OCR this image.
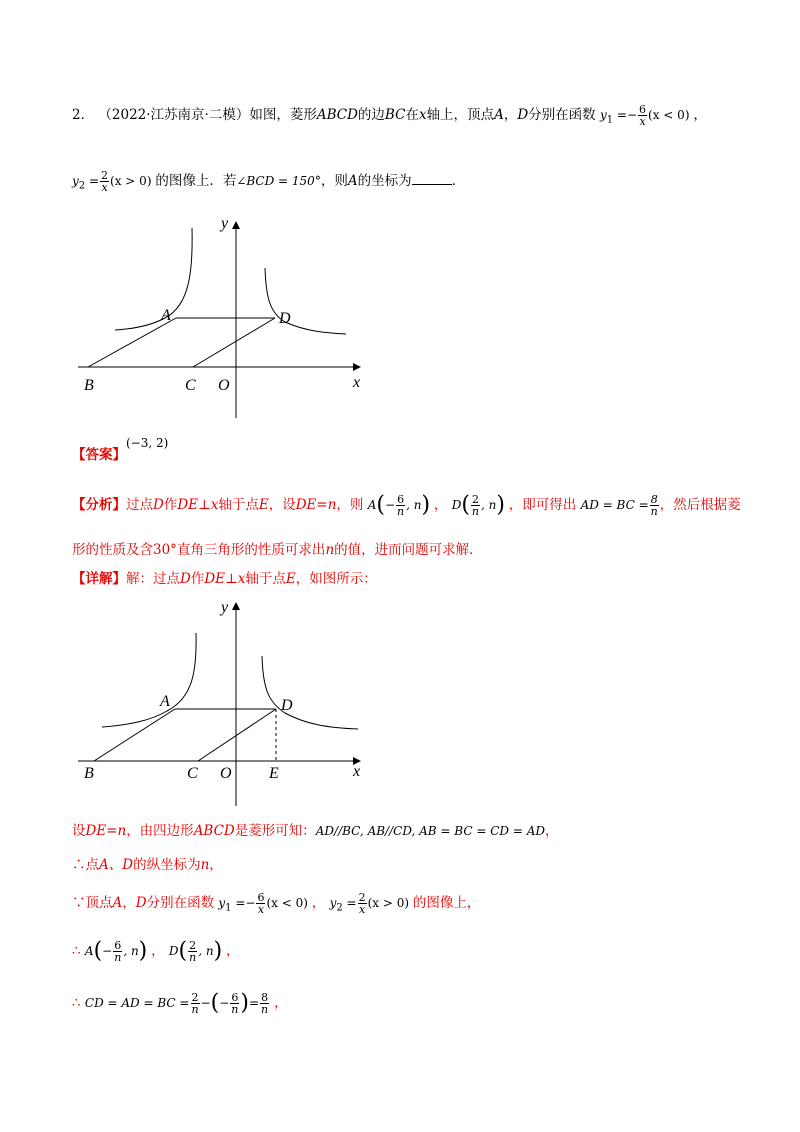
2． （2022·江苏南京·二模）如图，菱形ABCD的边BC在x轴上，顶点A，D分别在函数 $y_1 =- \frac{6}{x} (x < 0)$ ，
$y_2 = \frac{2}{x} (x > 0)$ 的图像上．若∠BCD = 150°，则A的坐标为	．
y
x
A	D
B	C O
【答案】(−3, 2)
【分析】过点D作DE⊥x轴于点E，设DE=n，则 $A(- \frac{6}{n}$ , n) ， $D( \frac{2}{n}$ , n) ，即可得出 AD = BC = $\frac{8}{n}$ ，然后根据菱
形的性质及含30°直角三角形的性质可求出n的值，进而问题可求解．
【详解】解：过点D作DE⊥x轴于点E，如图所示：
y
x
A	D
B	C O E
设DE=n，由四边形ABCD是菱形可知：AD//BC, AB//CD, AB = BC = CD = AD，
∴点A、D的纵坐标为n，
∵顶点A，D分别在函数 $y_1 =- \frac{6}{x} (x < 0)$ ， $y_2 = \frac{2}{x} (x > 0)$ 的图像上，
∴ $A(- \frac{6}{n}$ , n) ， $D( \frac{2}{n}$ , n) ，
∴ CD = AD = BC = $\frac{2}{n}$ −(− $\frac{6}{n}$ )= $\frac{8}{n}$ ，
